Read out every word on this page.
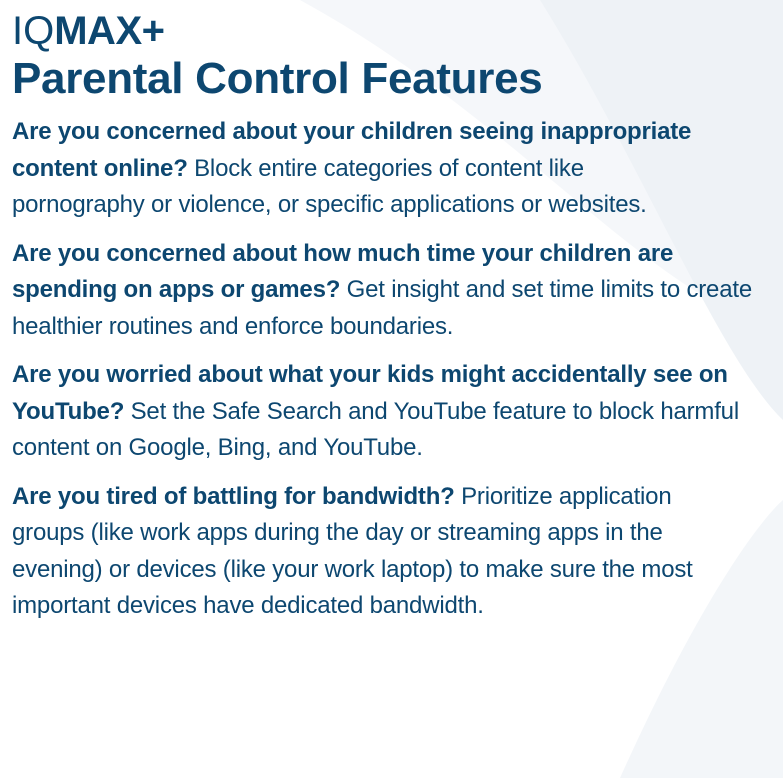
IQMAX+
Parental Control Features

Are you concerned about your children seeing inappropriate content online? Block entire categories of content like pornography or violence, or specific applications or websites.

Are you concerned about how much time your children are spending on apps or games? Get insight and set time limits to create healthier routines and enforce boundaries.

Are you worried about what your kids might accidentally see on YouTube? Set the Safe Search and YouTube feature to block harmful content on Google, Bing, and YouTube.

Are you tired of battling for bandwidth? Prioritize application groups (like work apps during the day or streaming apps in the evening) or devices (like your work laptop) to make sure the most important devices have dedicated bandwidth.
